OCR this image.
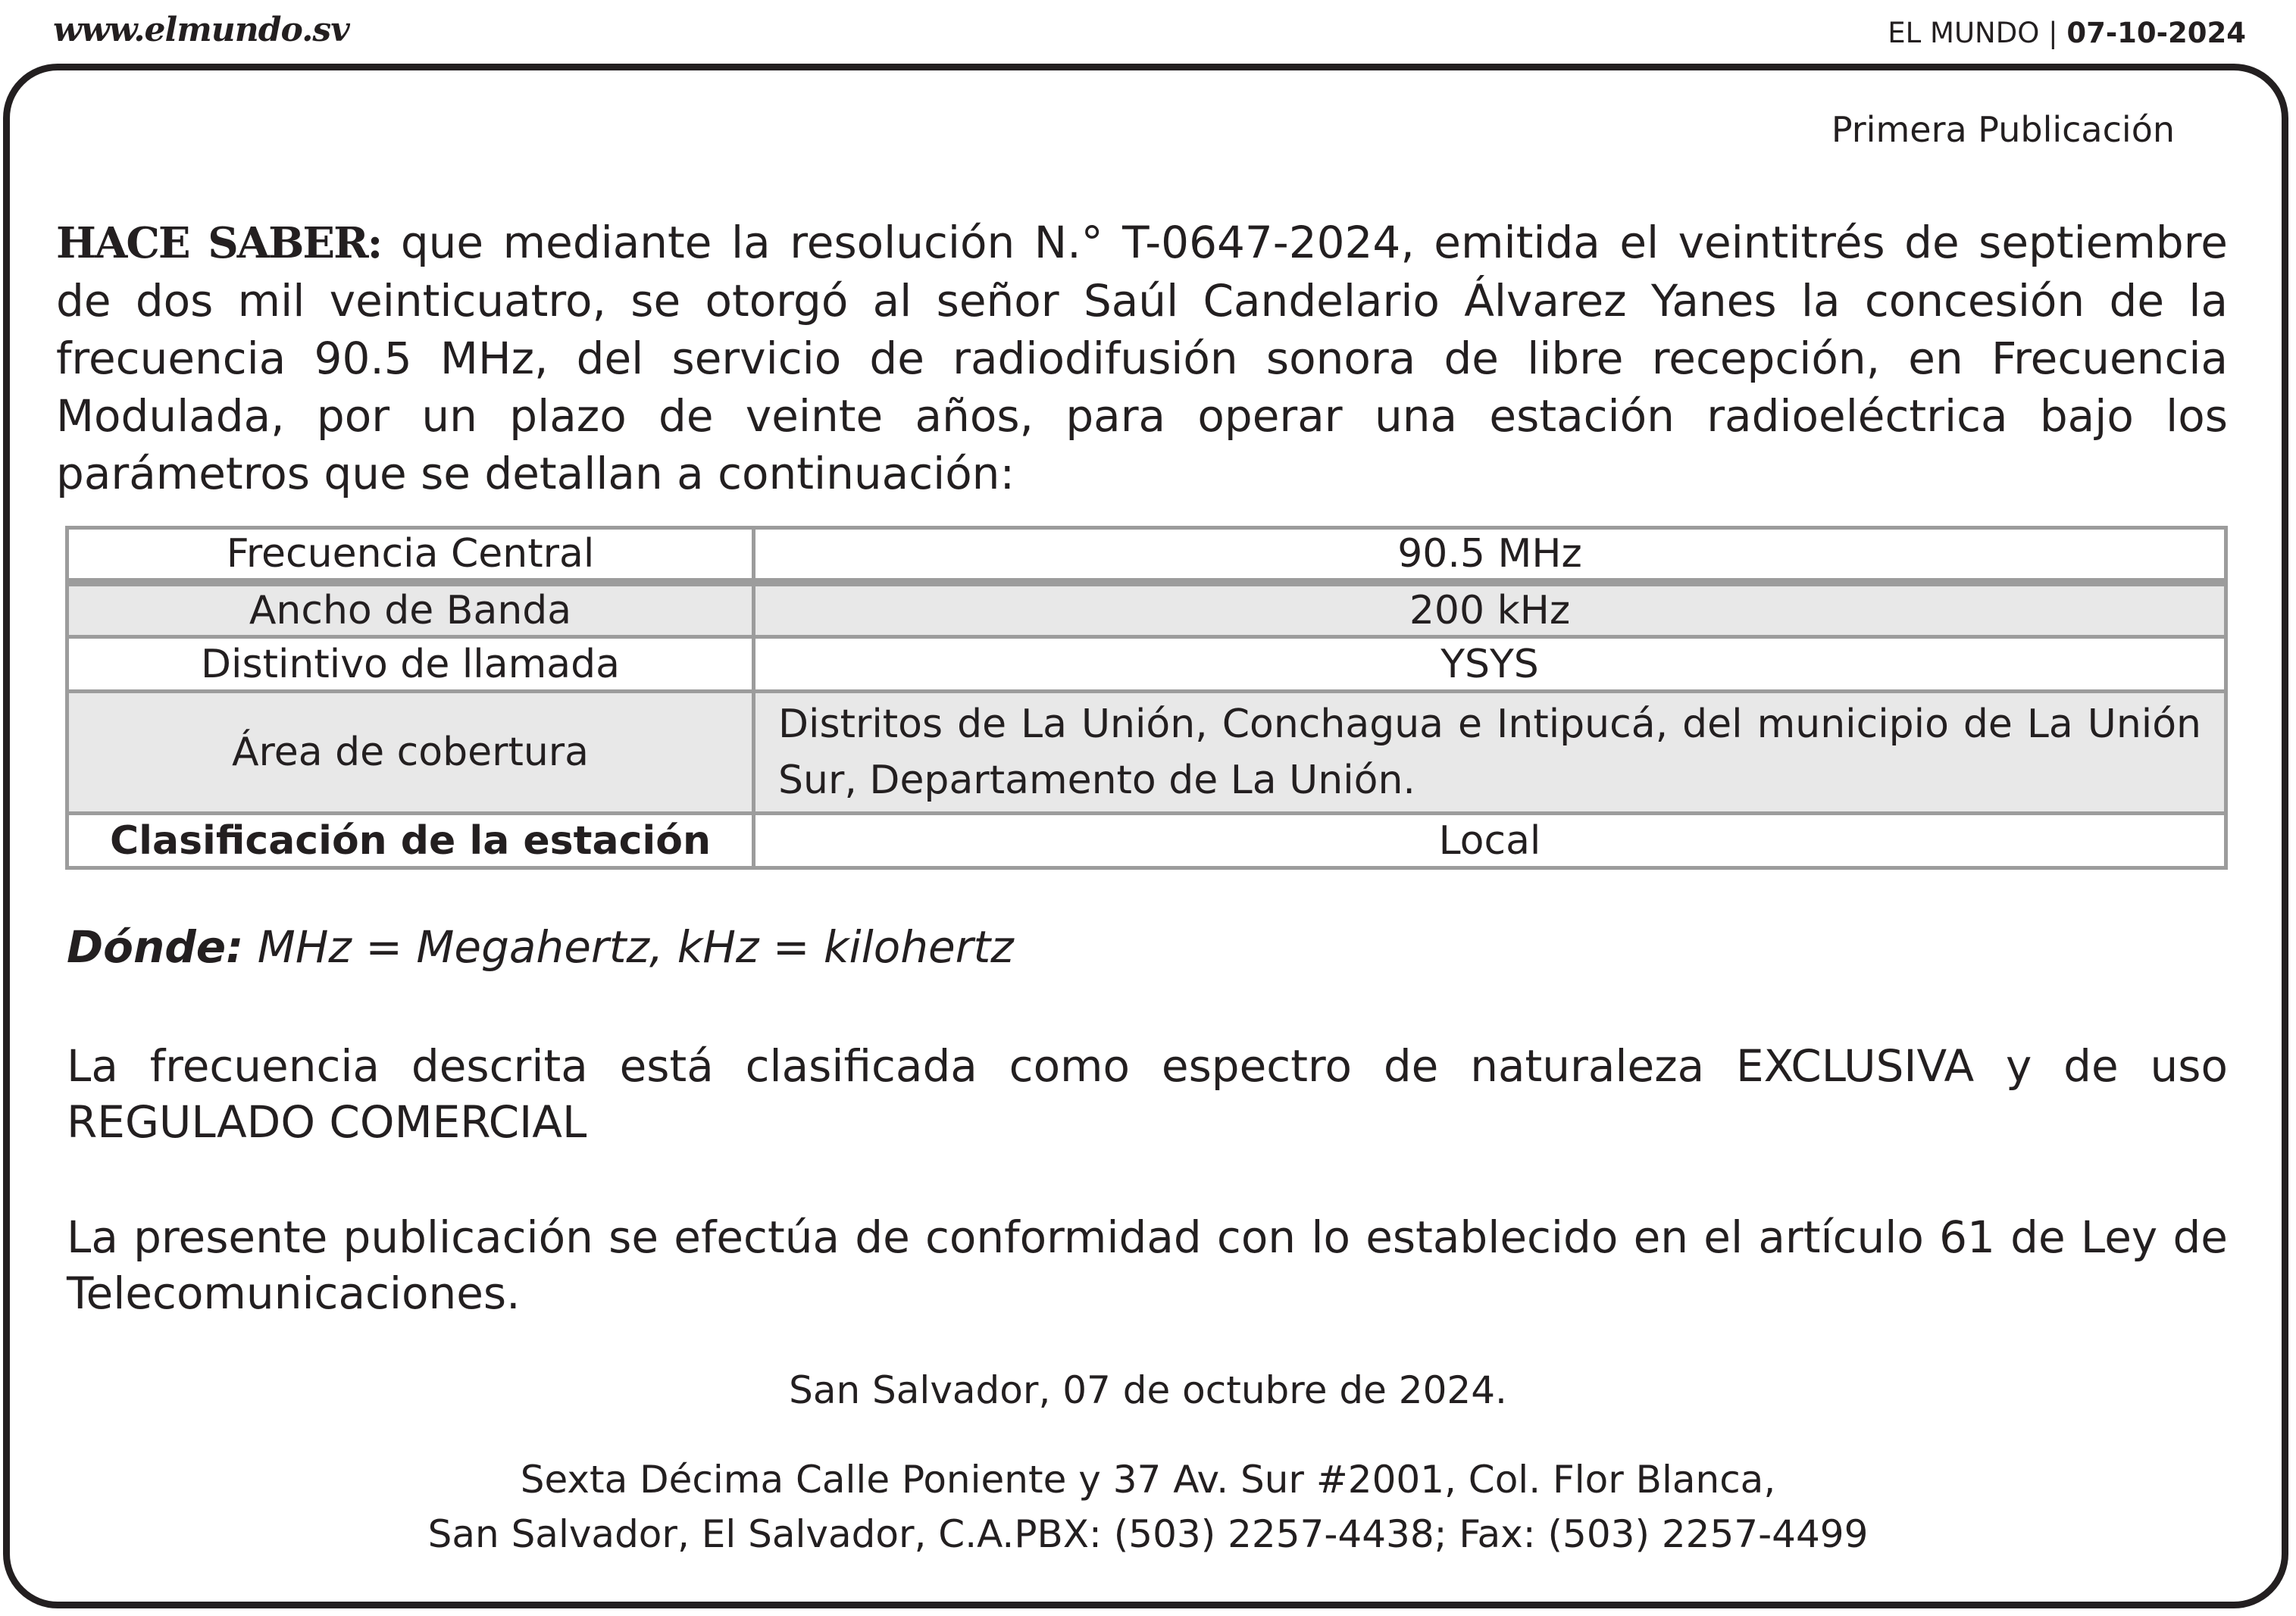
www.elmundo.sv	EL MUNDO | 07-10-2024
Primera Publicación

HACE SABER: que mediante la resolución N.° T-0647-2024, emitida el veintitrés de septiembre de dos mil veinticuatro, se otorgó al señor Saúl Candelario Álvarez Yanes la concesión de la frecuencia 90.5 MHz, del servicio de radiodifusión sonora de libre recepción, en Frecuencia Modulada, por un plazo de veinte años, para operar una estación radioeléctrica bajo los parámetros que se detallan a continuación:

Frecuencia Central	90.5 MHz
Ancho de Banda	200 kHz
Distintivo de llamada	YSYS
Área de cobertura	Distritos de La Unión, Conchagua e Intipucá, del municipio de La Unión Sur, Departamento de La Unión.
Clasificación de la estación	Local
Dónde: MHz = Megahertz, kHz = kilohertz

La frecuencia descrita está clasificada como espectro de naturaleza EXCLUSIVA y de uso REGULADO COMERCIAL

La presente publicación se efectúa de conformidad con lo establecido en el artículo 61 de Ley de Telecomunicaciones.

San Salvador, 07 de octubre de 2024.
Sexta Décima Calle Poniente y 37 Av. Sur #2001, Col. Flor Blanca,
San Salvador, El Salvador, C.A.PBX: (503) 2257-4438; Fax: (503) 2257-4499
